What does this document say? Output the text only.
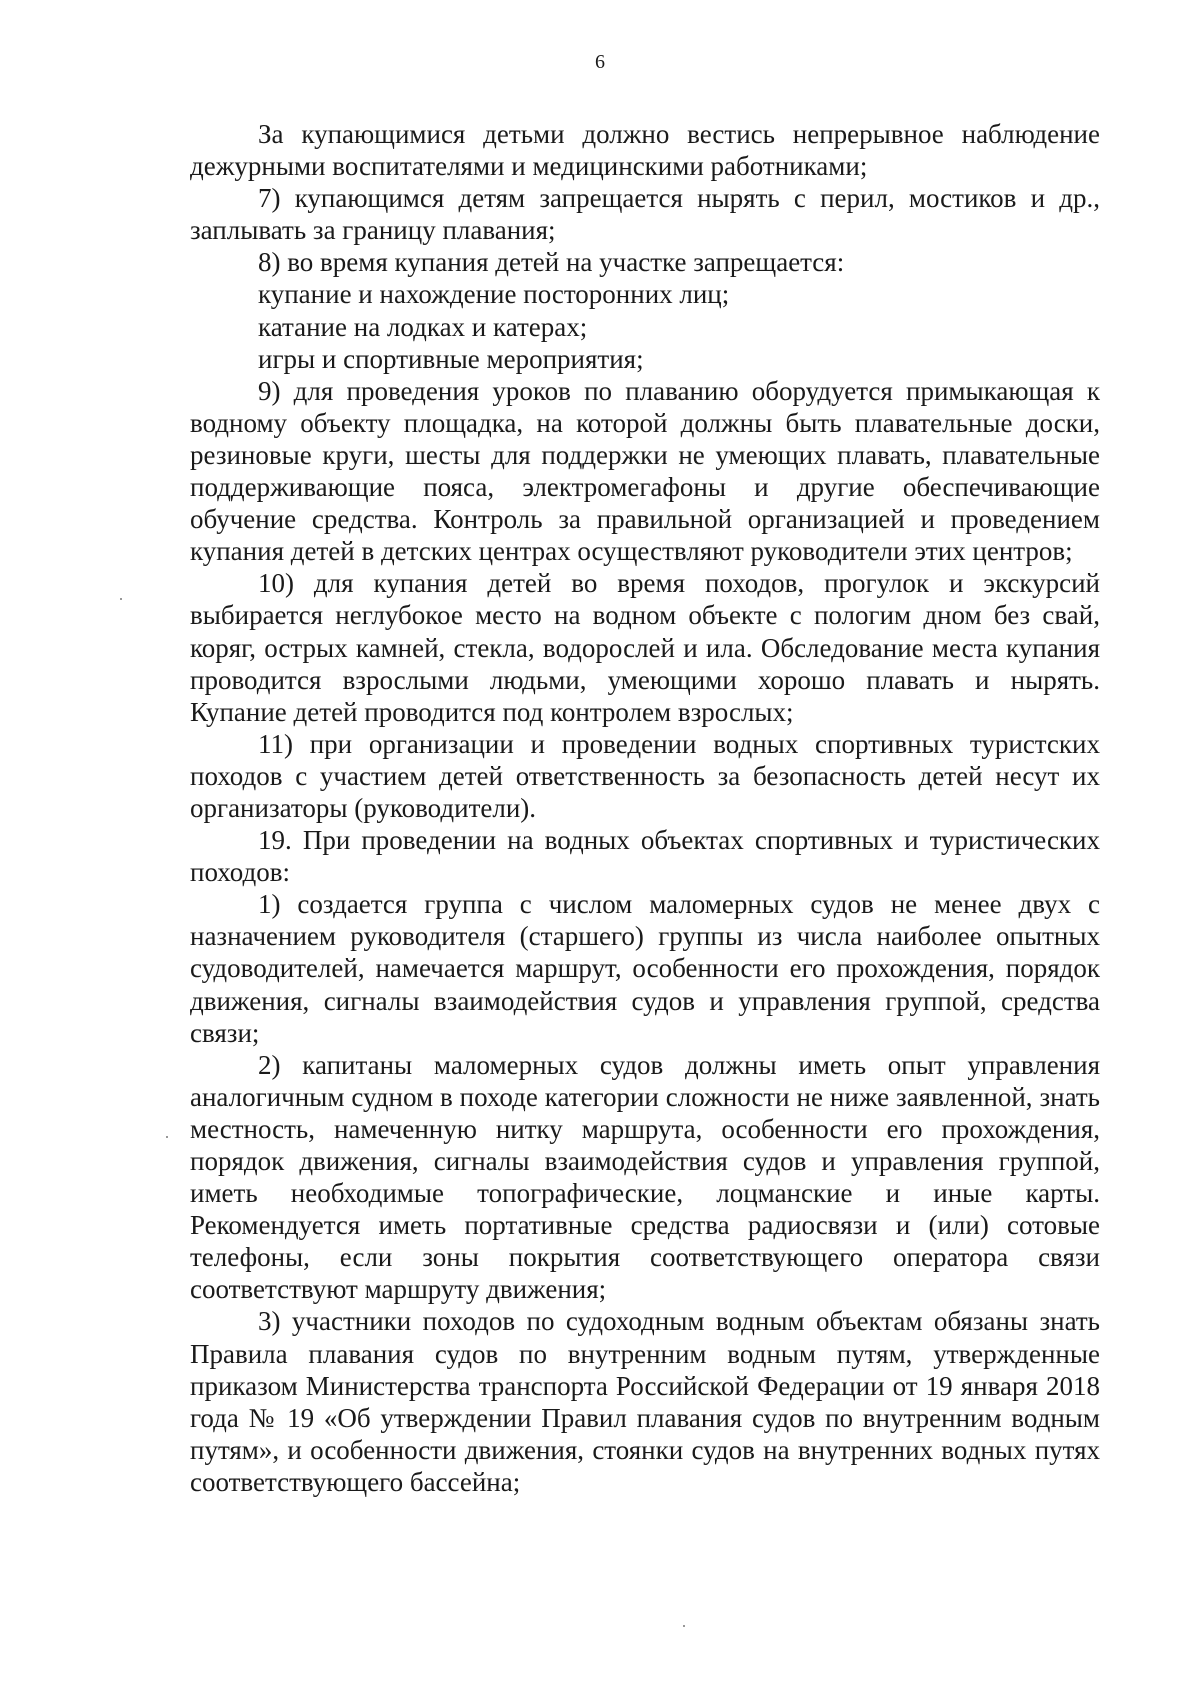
6

За купающимися детьми должно вестись непрерывное наблюдение дежурными воспитателями и медицинскими работниками;

7) купающимся детям запрещается нырять с перил, мостиков и др., заплывать за границу плавания;

8) во время купания детей на участке запрещается:

купание и нахождение посторонних лиц;

катание на лодках и катерах;

игры и спортивные мероприятия;

9) для проведения уроков по плаванию оборудуется примыкающая к водному объекту площадка, на которой должны быть плавательные доски, резиновые круги, шесты для поддержки не умеющих плавать, плавательные поддерживающие пояса, электромегафоны и другие обеспечивающие обучение средства. Контроль за правильной организацией и проведением купания детей в детских центрах осуществляют руководители этих центров;

10) для купания детей во время походов, прогулок и экскурсий выбирается неглубокое место на водном объекте с пологим дном без свай, коряг, острых камней, стекла, водорослей и ила. Обследование места купания проводится взрослыми людьми, умеющими хорошо плавать и нырять. Купание детей проводится под контролем взрослых;

11) при организации и проведении водных спортивных туристских походов с участием детей ответственность за безопасность детей несут их организаторы (руководители).

19. При проведении на водных объектах спортивных и туристических походов:

1) создается группа с числом маломерных судов не менее двух с назначением руководителя (старшего) группы из числа наиболее опытных судоводителей, намечается маршрут, особенности его прохождения, порядок движения, сигналы взаимодействия судов и управления группой, средства связи;

2) капитаны маломерных судов должны иметь опыт управления аналогичным судном в походе категории сложности не ниже заявленной, знать местность, намеченную нитку маршрута, особенности его прохождения, порядок движения, сигналы взаимодействия судов и управления группой, иметь необходимые топографические, лоцманские и иные карты. Рекомендуется иметь портативные средства радиосвязи и (или) сотовые телефоны, если зоны покрытия соответствующего оператора связи соответствуют маршруту движения;

3) участники походов по судоходным водным объектам обязаны знать Правила плавания судов по внутренним водным путям, утвержденные приказом Министерства транспорта Российской Федерации от 19 января 2018 года № 19 «Об утверждении Правил плавания судов по внутренним водным путям», и особенности движения, стоянки судов на внутренних водных путях соответствующего бассейна;
